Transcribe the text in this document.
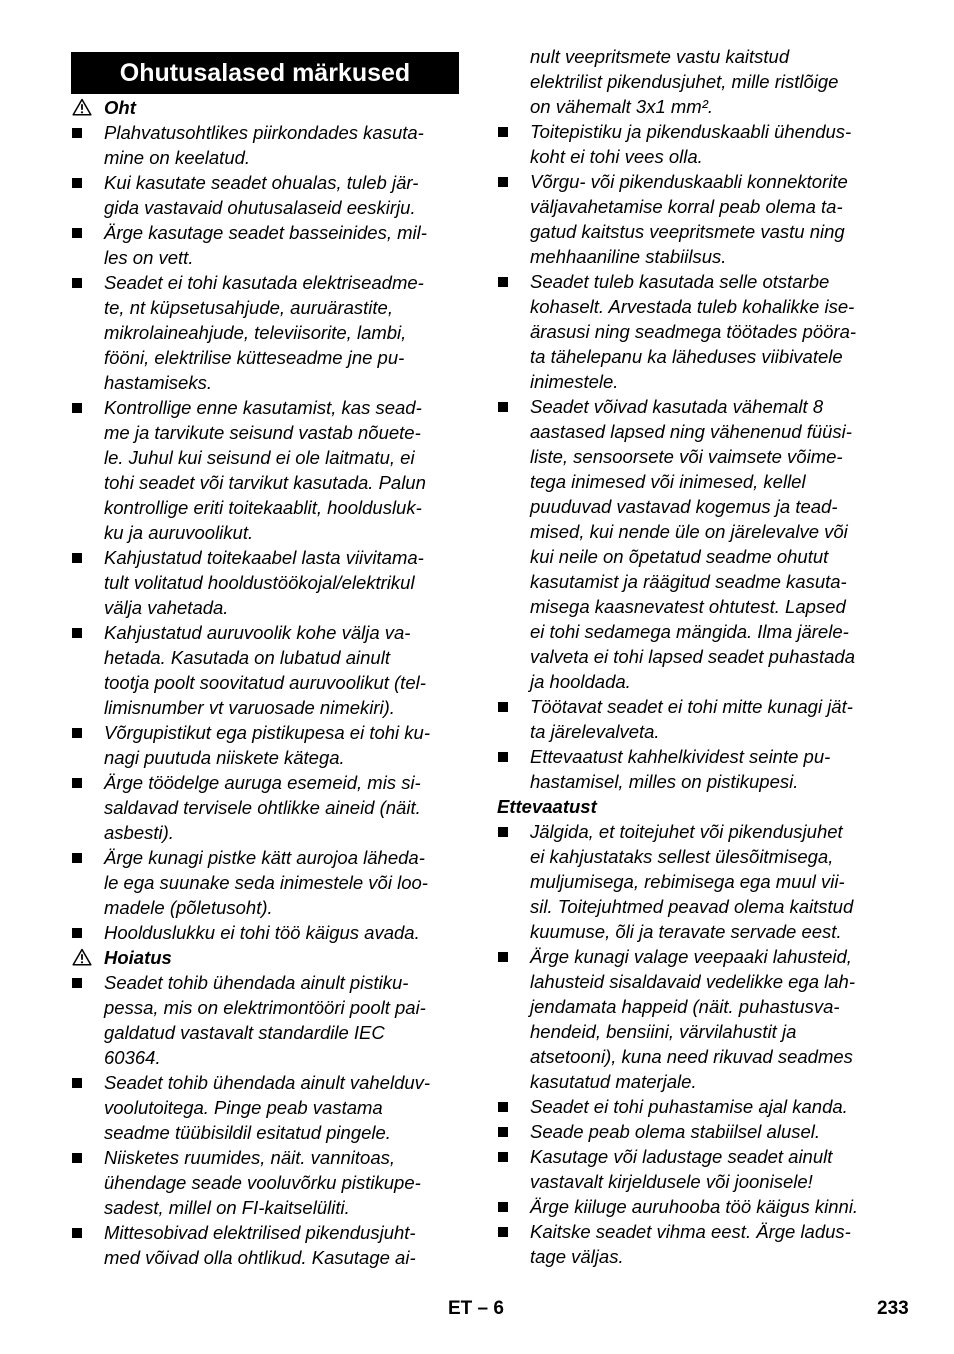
Ohutusalased märkused
Oht
Plahvatusohtlikes piirkondades kasuta-
mine on keelatud.
Kui kasutate seadet ohualas, tuleb jär-
gida vastavaid ohutusalaseid eeskirju.
Ärge kasutage seadet basseinides, mil-
les on vett.
Seadet ei tohi kasutada elektriseadme-
te, nt küpsetusahjude, auruärastite,
mikrolaineahjude, televiisorite, lambi,
fööni, elektrilise kütteseadme jne pu-
hastamiseks.
Kontrollige enne kasutamist, kas sead-
me ja tarvikute seisund vastab nõuete-
le. Juhul kui seisund ei ole laitmatu, ei
tohi seadet või tarvikut kasutada. Palun
kontrollige eriti toitekaablit, hooldusluk-
ku ja auruvoolikut.
Kahjustatud toitekaabel lasta viivitama-
tult volitatud hooldustöökojal/elektrikul
välja vahetada.
Kahjustatud auruvoolik kohe välja va-
hetada. Kasutada on lubatud ainult
tootja poolt soovitatud auruvoolikut (tel-
limisnumber vt varuosade nimekiri).
Võrgupistikut ega pistikupesa ei tohi ku-
nagi puutuda niiskete kätega.
Ärge töödelge auruga esemeid, mis si-
saldavad tervisele ohtlikke aineid (näit.
asbesti).
Ärge kunagi pistke kätt aurojoa läheda-
le ega suunake seda inimestele või loo-
madele (põletusoht).
Hoolduslukku ei tohi töö käigus avada.
Hoiatus
Seadet tohib ühendada ainult pistiku-
pessa, mis on elektrimontööri poolt pai-
galdatud vastavalt standardile IEC
60364.
Seadet tohib ühendada ainult vahelduv-
voolutoitega. Pinge peab vastama
seadme tüübisildil esitatud pingele.
Niisketes ruumides, näit. vannitoas,
ühendage seade vooluvõrku pistikupe-
sadest, millel on FI-kaitselüliti.
Mittesobivad elektrilised pikendusjuht-
med võivad olla ohtlikud. Kasutage ai-
nult veepritsmete vastu kaitstud
elektrilist pikendusjuhet, mille ristlõige
on vähemalt 3x1 mm².
Toitepistiku ja pikenduskaabli ühendus-
koht ei tohi vees olla.
Võrgu- või pikenduskaabli konnektorite
väljavahetamise korral peab olema ta-
gatud kaitstus veepritsmete vastu ning
mehhaaniline stabiilsus.
Seadet tuleb kasutada selle otstarbe
kohaselt. Arvestada tuleb kohalikke ise-
ärasusi ning seadmega töötades pööra-
ta tähelepanu ka läheduses viibivatele
inimestele.
Seadet võivad kasutada vähemalt 8
aastased lapsed ning vähenenud füüsi-
liste, sensoorsete või vaimsete võime-
tega inimesed või inimesed, kellel
puuduvad vastavad kogemus ja tead-
mised, kui nende üle on järelevalve või
kui neile on õpetatud seadme ohutut
kasutamist ja räägitud seadme kasuta-
misega kaasnevatest ohtutest. Lapsed
ei tohi sedamega mängida. Ilma järele-
valveta ei tohi lapsed seadet puhastada
ja hooldada.
Töötavat seadet ei tohi mitte kunagi jät-
ta järelevalveta.
Ettevaatust kahhelkividest seinte pu-
hastamisel, milles on pistikupesi.
Ettevaatust
Jälgida, et toitejuhet või pikendusjuhet
ei kahjustataks sellest ülesõitmisega,
muljumisega, rebimisega ega muul vii-
sil. Toitejuhtmed peavad olema kaitstud
kuumuse, õli ja teravate servade eest.
Ärge kunagi valage veepaaki lahusteid,
lahusteid sisaldavaid vedelikke ega lah-
jendamata happeid (näit. puhastusva-
hendeid, bensiini, värvilahustit ja
atsetooni), kuna need rikuvad seadmes
kasutatud materjale.
Seadet ei tohi puhastamise ajal kanda.
Seade peab olema stabiilsel alusel.
Kasutage või ladustage seadet ainult
vastavalt kirjeldusele või joonisele!
Ärge kiiluge auruhooba töö käigus kinni.
Kaitske seadet vihma eest. Ärge ladus-
tage väljas.
ET – 6	233
